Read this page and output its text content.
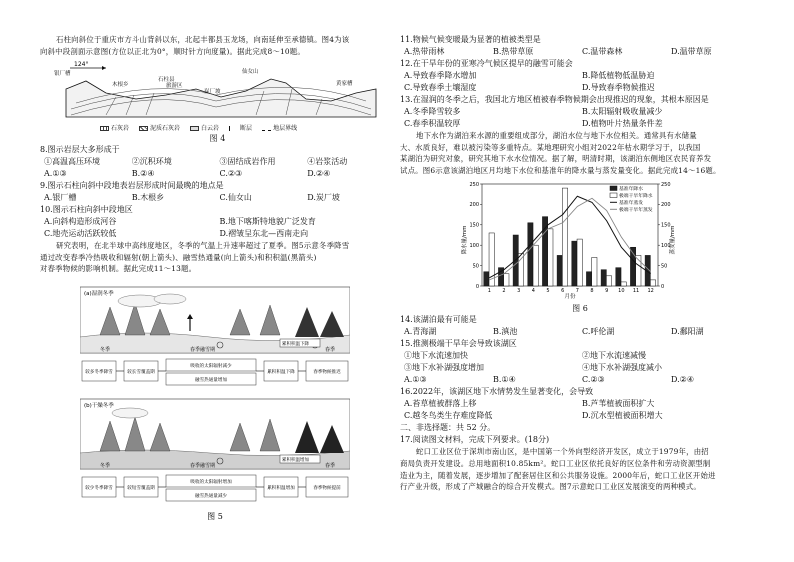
石柱向斜位于重庆市方斗山背斜以东，北起丰都县玉龙场，向南延伸至承德镇。图4为该

向斜中段剖面示意图(方位以正北为0°，顺时针方向度量)。据此完成8～10题。

124°
银厂槽
木根乡
石柱县
旅游区
仙女山
炭厂坡
黄家槽
石灰岩	泥质石灰岩	白云岩	断层	地层界线

图 4

8.图示岩层大多形成于

①高温高压环境	②沉积环境	③固结成岩作用	④岩浆活动
A.①③	B.②④	C.②③	D.②④

9.图示石柱向斜中段地表岩层形成时间最晚的地点是

A.银厂槽	B.木根乡	C.仙女山	D.炭厂坡

10.图示石柱向斜中段地区

A.向斜构造形成河谷	B.地下喀斯特地貌广泛发育
C.地壳运动活跃较低	D.褶皱呈东北—西南走向

研究表明，在北半球中高纬度地区，冬季的气温上升速率超过了夏季。图5示意冬季降雪

通过改变春季冷热吸收和辐射(朝上箭头)、融雪热通量(向上箭头)和积积温(黑箭头)

对春季物候的影响机制。据此完成11～13题。

(a)湿润冬季
累积积温下降
冬季	春季融雪期	春季
较多冬季降雪	较长雪覆盖期
吸收的太阳辐射减少
融雪热通量增加
累积积温下降	春季物候推迟
(b)干燥冬季
累积积温增加
冬季	春季融雪期	春季
较少冬季降雪	较短雪覆盖期
吸收的太阳辐射增加
融雪热通量减少
累积积温增加	春季物候提前
图 5

11.物候气候变暖最为显著的植被类型是

A.热带雨林	B.热带草原	C.温带森林	D.温带草原

12.在干旱年份的亚寒冷气候区提早的融雪可能会

A.导致春季降水增加	B.降低植物低温胁迫
C.导致春季土壤湿度	D.导致春季物候推迟

13.在湿润的冬季之后，我国北方地区植被春季物候期会出现推迟的现象，其根本原因是

A.冬季降雪较多	B.太阳辐射吸收量减少
C.春季积温较厚	D.植物叶片热量条件差

地下水作为湖泊来水源的重要组成部分，湖泊水位与地下水位相关。通常具有水储量

大、水质良好，难以被污染等多重特点。某地理研究小组对2022年枯水期学习于，以我国

某湖泊为研究对象，研究其地下水水位情况。据了解，明清时期，该湖泊东侧地区农民育养发

试点。图6示意该湖泊地区月均地下水位和基准年的降水量与蒸发量变化。据此完成14～16题。

0	0
50	50
100	100
150	150
200	200
250	250
1 2 3 4 5 6 7 8 9 10 11 12
基准年降水
极端干旱年降水
基准年蒸发
极端干旱年蒸发
月份
降水量/mm	蒸发量/mm

图 6

14.该湖泊最有可能是

A.青海湖	B.滇池	C.呼伦湖	D.鄱阳湖

15.推测极端干旱年会导致该湖区

①地下水流速加快	②地下水流速减慢
③地下水补湖强度增加	④地下水补湖强度减小
A.①③	B.①④	C.②③	D.②④

16.2022年，该湖区地下水情势发生显著变化，会导致

A.苔草植被群落上移	B.芦苇植被面积扩大
C.越冬鸟类生存难度降低	D.沉水型植被面积增大

二、非选择题：共 52 分。

17.阅读图文材料，完成下列要求。(18分)

蛇口工业区位于深圳市南山区，是中国第一个外向型经济开发区，成立于1979年，由招

商局负责开发建设。总用地面积10.85km²。蛇口工业区依托良好的区位条件和劳动资源型制

造业为主，随着发展，逐步增加了配套居住区和公共服务设施。2000年后，蛇口工业区开始进

行产业升级，形成了产城融合的综合开发模式。图7示意蛇口工业区发展演变的两种模式。
